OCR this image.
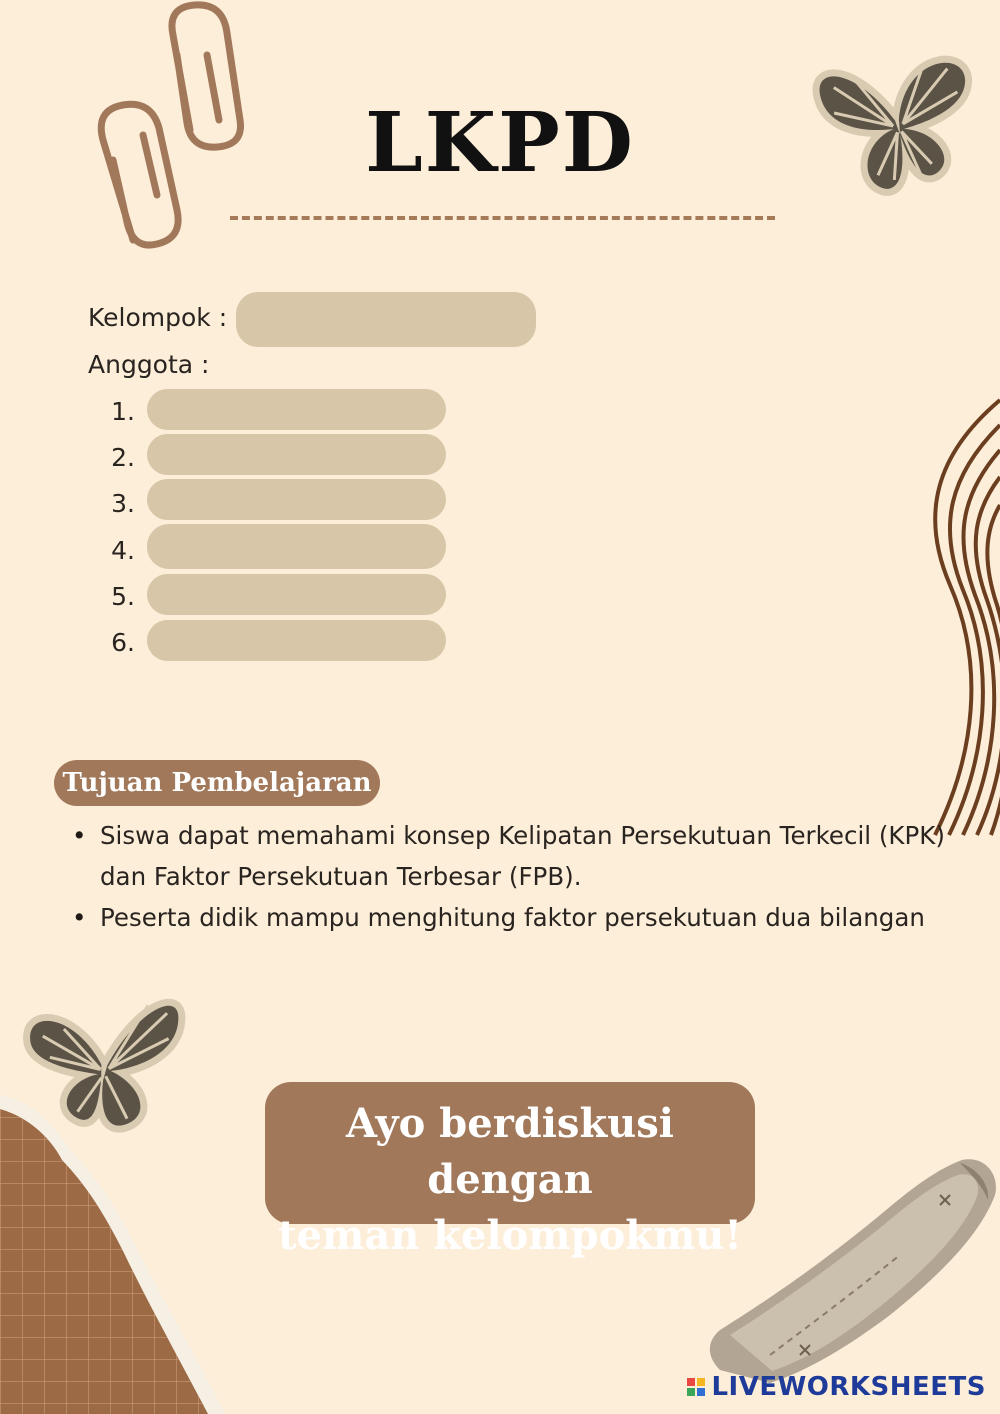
LKPD
Kelompok :
Anggota :
1.
2.
3.
4.
5.
6.
Tujuan Pembelajaran
• Siswa dapat memahami konsep Kelipatan Persekutuan Terkecil (KPK) dan Faktor Persekutuan Terbesar (FPB).
• Peserta didik mampu menghitung faktor persekutuan dua bilangan
Ayo berdiskusi dengan
teman kelompokmu!
LIVEWORKSHEETS
